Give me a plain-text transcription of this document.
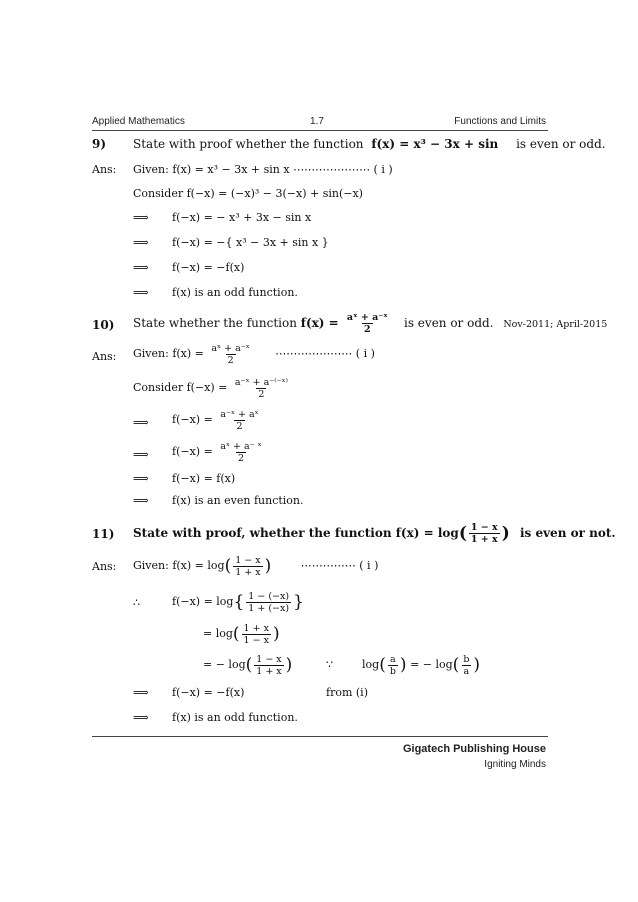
Applied Mathematics	1.7	Functions and Limits
9) State with proof whether the function f(x) = x³ − 3x + sin is even or odd.
Ans: Given: f(x) = x³ − 3x + sin x ⋯⋯⋯⋯⋯⋯⋯ ( i )
Consider f(−x) = (−x)³ − 3(−x) + sin(−x)
⟹ f(−x) = − x³ + 3x − sin x
⟹ f(−x) = −{ x³ − 3x + sin x }
⟹ f(−x) = −f(x)
⟹ f(x) is an odd function.
10) State whether the function $f(x) = \frac{\text{aˣ + a⁻ˣ}}{2}$ is even or odd. Nov-2011; April-2015
Ans: Given: $f(x) = \frac{\text{aˣ + a⁻ˣ}}{2}$ ⋯⋯⋯⋯⋯⋯⋯ ( i )
Consider $f(-x) = \frac{\text{a⁻ˣ + a⁻⁽⁻ˣ⁾}}{2}$
⟹ $f(-x) = \frac{\text{a⁻ˣ + aˣ}}{2}$
⟹ $f(-x) = \frac{\text{aˣ + a⁻ ˣ}}{2}$
⟹ f(−x) = f(x)
⟹ f(x) is an even function.
11) State with proof, whether the function $f(x) = \log( \frac{1 - x}{1 + x}$ ) is even or not.
Ans: Given: $f(x) = \log( \frac{1 - x}{1 + x}$ )	⋯⋯⋯⋯⋯ ( i )
∴	$f(-x) = \log\{ \frac{1 - (-x)}{1 + (-x)}$ }
= $\log( \frac{1 + x}{1 - x}$ )
= − $\log( \frac{1 - x}{1 + x}$ )	∵	$\log( \frac{a}{b}$ ) = − $\log( \frac{b}{a}$ )
⟹ f(−x) = −f(x)	from (i)
⟹ f(x) is an odd function.
Gigatech Publishing House
Igniting Minds
